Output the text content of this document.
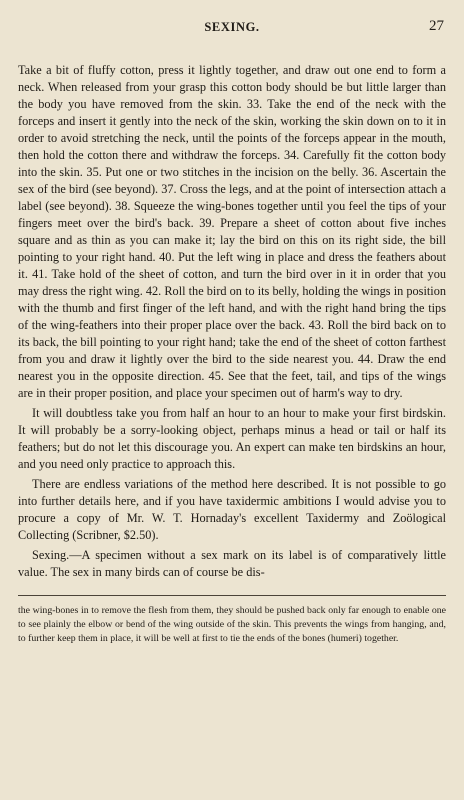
SEXING.	27

Take a bit of fluffy cotton, press it lightly together, and draw out one end to form a neck. When released from your grasp this cotton body should be but little larger than the body you have removed from the skin. 33. Take the end of the neck with the forceps and insert it gently into the neck of the skin, working the skin down on to it in order to avoid stretching the neck, until the points of the forceps appear in the mouth, then hold the cotton there and withdraw the forceps. 34. Carefully fit the cotton body into the skin. 35. Put one or two stitches in the incision on the belly. 36. Ascertain the sex of the bird (see beyond). 37. Cross the legs, and at the point of intersection attach a label (see beyond). 38. Squeeze the wing-bones together until you feel the tips of your fingers meet over the bird's back. 39. Prepare a sheet of cotton about five inches square and as thin as you can make it; lay the bird on this on its right side, the bill pointing to your right hand. 40. Put the left wing in place and dress the feathers about it. 41. Take hold of the sheet of cotton, and turn the bird over in it in order that you may dress the right wing. 42. Roll the bird on to its belly, holding the wings in position with the thumb and first finger of the left hand, and with the right hand bring the tips of the wing-feathers into their proper place over the back. 43. Roll the bird back on to its back, the bill pointing to your right hand; take the end of the sheet of cotton farthest from you and draw it lightly over the bird to the side nearest you. 44. Draw the end nearest you in the opposite direction. 45. See that the feet, tail, and tips of the wings are in their proper position, and place your specimen out of harm's way to dry.

It will doubtless take you from half an hour to an hour to make your first birdskin. It will probably be a sorry-looking object, perhaps minus a head or tail or half its feathers; but do not let this discourage you. An expert can make ten birdskins an hour, and you need only practice to approach this.

There are endless variations of the method here described. It is not possible to go into further details here, and if you have taxidermic ambitions I would advise you to procure a copy of Mr. W. T. Hornaday's excellent Taxidermy and Zoölogical Collecting (Scribner, $2.50).

Sexing.—A specimen without a sex mark on its label is of comparatively little value. The sex in many birds can of course be dis-

the wing-bones in to remove the flesh from them, they should be pushed back only far enough to enable one to see plainly the elbow or bend of the wing outside of the skin. This prevents the wings from hanging, and, to further keep them in place, it will be well at first to tie the ends of the bones (humeri) together.
